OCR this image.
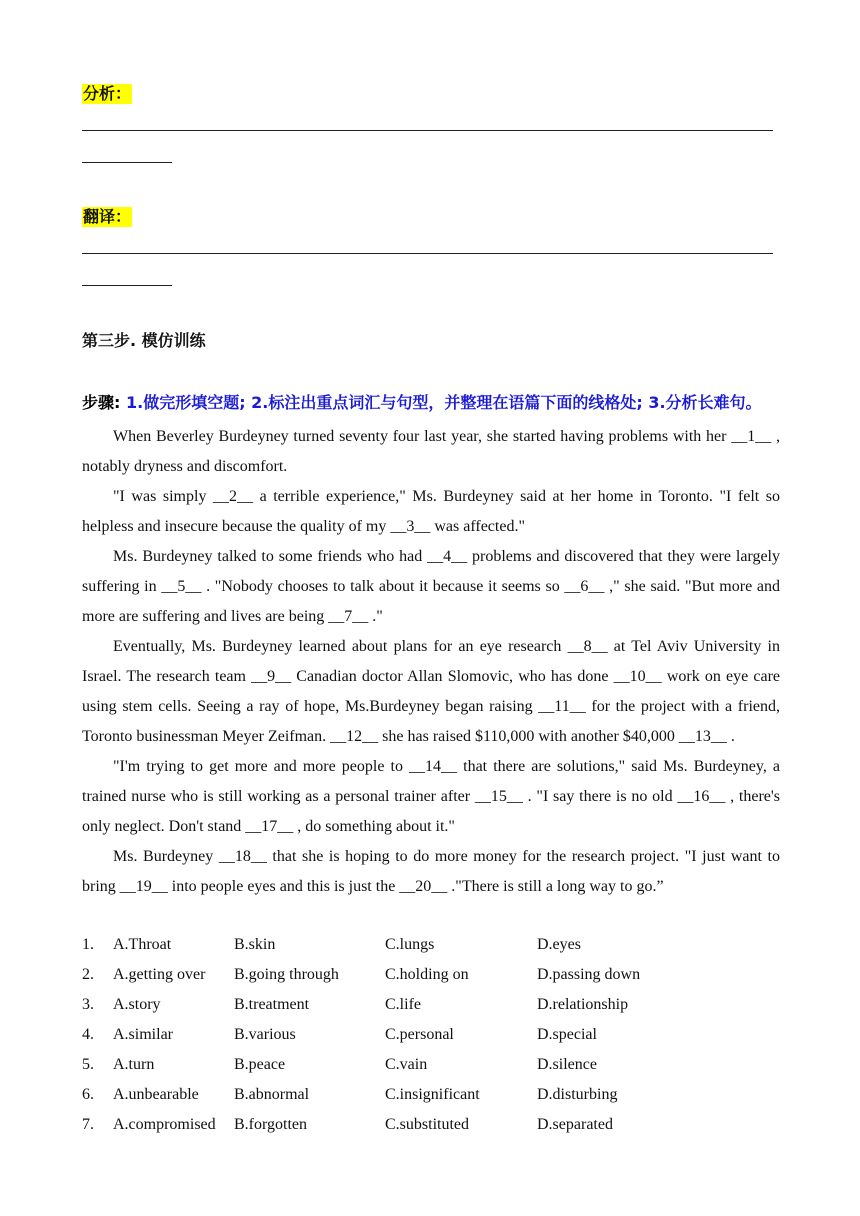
分析：
翻译：
第三步. 模仿训练
步骤: 1.做完形填空题; 2.标注出重点词汇与句型，并整理在语篇下面的线格处; 3.分析长难句。

When Beverley Burdeyney turned seventy four last year, she started having problems with her __1__ , notably dryness and discomfort.

"I was simply __2__ a terrible experience," Ms. Burdeyney said at her home in Toronto. "I felt so helpless and insecure because the quality of my __3__ was affected."

Ms. Burdeyney talked to some friends who had __4__ problems and discovered that they were largely suffering in __5__ . "Nobody chooses to talk about it because it seems so __6__ ," she said. "But more and more are suffering and lives are being __7__ ."

Eventually, Ms. Burdeyney learned about plans for an eye research __8__ at Tel Aviv University in Israel. The research team __9__ Canadian doctor Allan Slomovic, who has done __10__ work on eye care using stem cells. Seeing a ray of hope, Ms.Burdeyney began raising __11__ for the project with a friend, Toronto businessman Meyer Zeifman. __12__ she has raised $110,000 with another $40,000 __13__ .

"I'm trying to get more and more people to __14__ that there are solutions," said Ms. Burdeyney, a trained nurse who is still working as a personal trainer after __15__ . "I say there is no old __16__ , there's only neglect. Don't stand __17__ , do something about it."

Ms. Burdeyney __18__ that she is hoping to do more money for the research project. "I just want to bring __19__ into people eyes and this is just the __20__ ."There is still a long way to go.”

1.	A.Throat	B.skin	C.lungs	D.eyes
2.	A.getting over	B.going through	C.holding on	D.passing down
3.	A.story	B.treatment	C.life	D.relationship
4.	A.similar	B.various	C.personal	D.special
5.	A.turn	B.peace	C.vain	D.silence
6.	A.unbearable	B.abnormal	C.insignificant	D.disturbing
7.	A.compromised	B.forgotten	C.substituted	D.separated
